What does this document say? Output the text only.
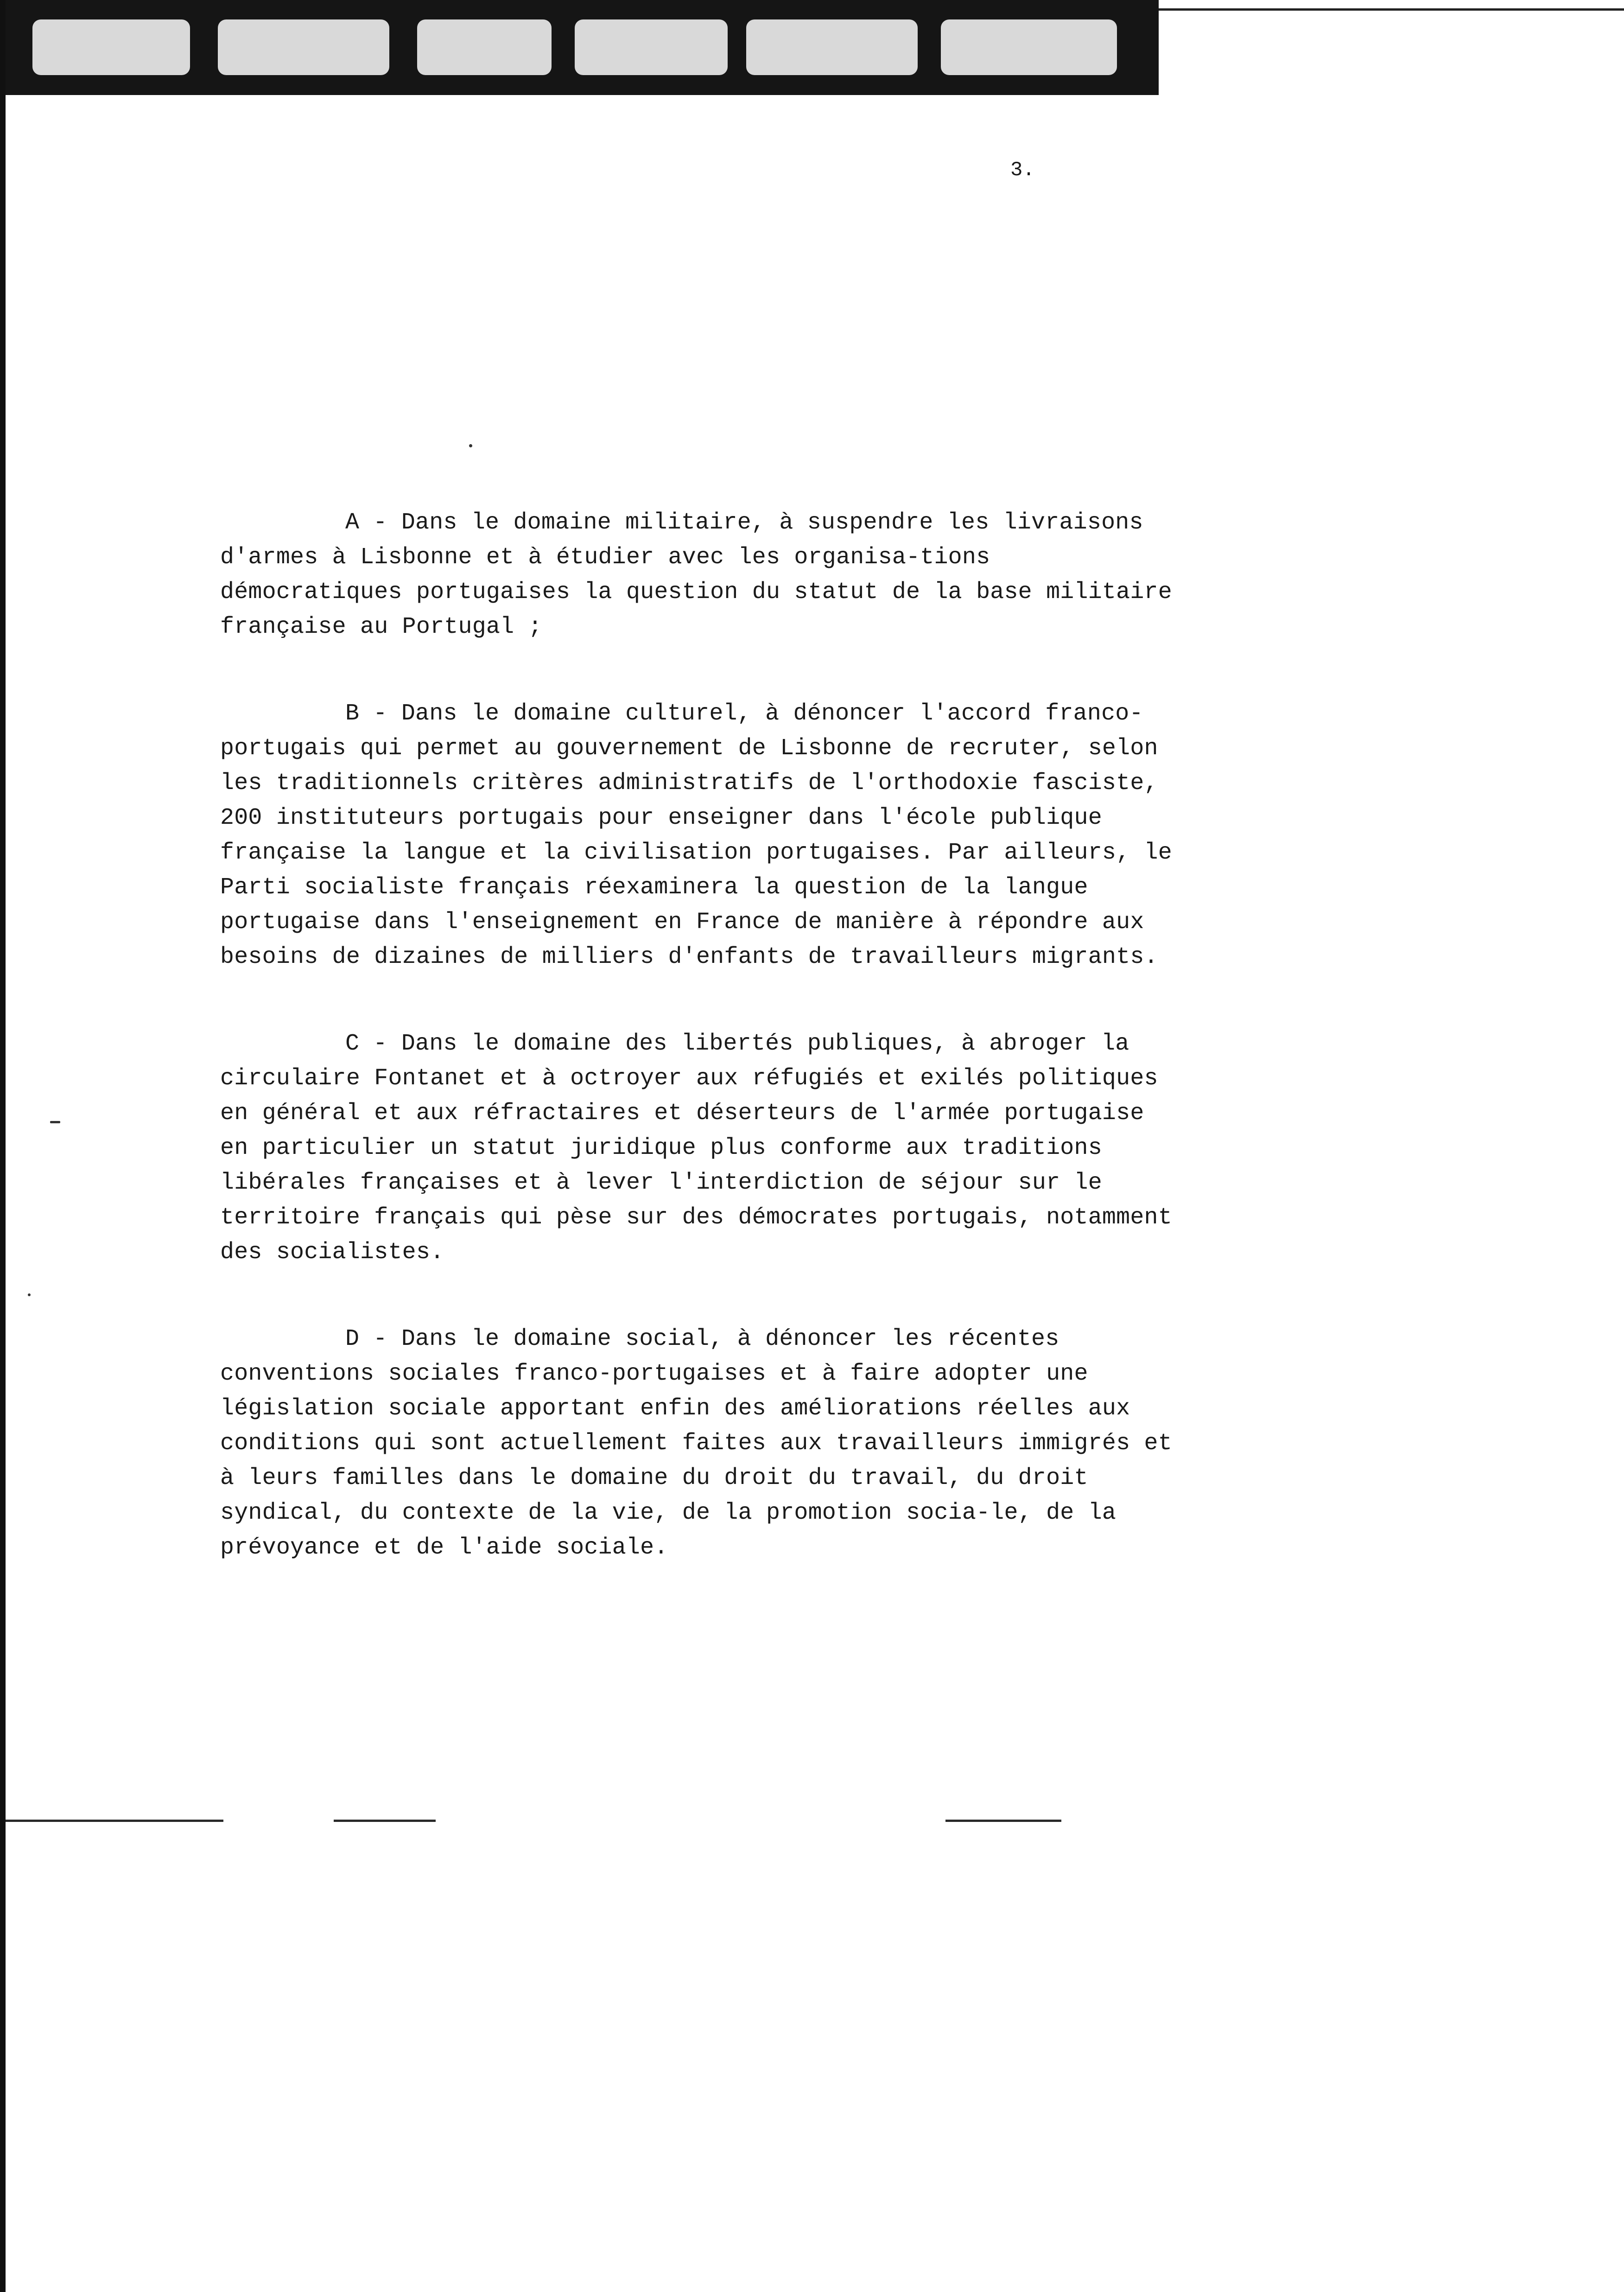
3.

A - Dans le domaine militaire, à suspendre les livraisons d'armes à Lisbonne et à étudier avec les organisa-tions démocratiques portugaises la question du statut de la base militaire française au Portugal ;

B - Dans le domaine culturel, à dénoncer l'accord franco-portugais qui permet au gouvernement de Lisbonne de recruter, selon les traditionnels critères administratifs de l'orthodoxie fasciste, 200 instituteurs portugais pour enseigner dans l'école publique française la langue et la civilisation portugaises. Par ailleurs, le Parti socialiste français réexaminera la question de la langue portugaise dans l'enseignement en France de manière à répondre aux besoins de dizaines de milliers d'enfants de travailleurs migrants.

C - Dans le domaine des libertés publiques, à abroger la circulaire Fontanet et à octroyer aux réfugiés et exilés politiques en général et aux réfractaires et déserteurs de l'armée portugaise en particulier un statut juridique plus conforme aux traditions libérales françaises et à lever l'interdiction de séjour sur le territoire français qui pèse sur des démocrates portugais, notamment des socialistes.

D - Dans le domaine social, à dénoncer les récentes conventions sociales franco-portugaises et à faire adopter une législation sociale apportant enfin des améliorations réelles aux conditions qui sont actuellement faites aux travailleurs immigrés et à leurs familles dans le domaine du droit du travail, du droit syndical, du contexte de la vie, de la promotion socia-le, de la prévoyance et de l'aide sociale.
